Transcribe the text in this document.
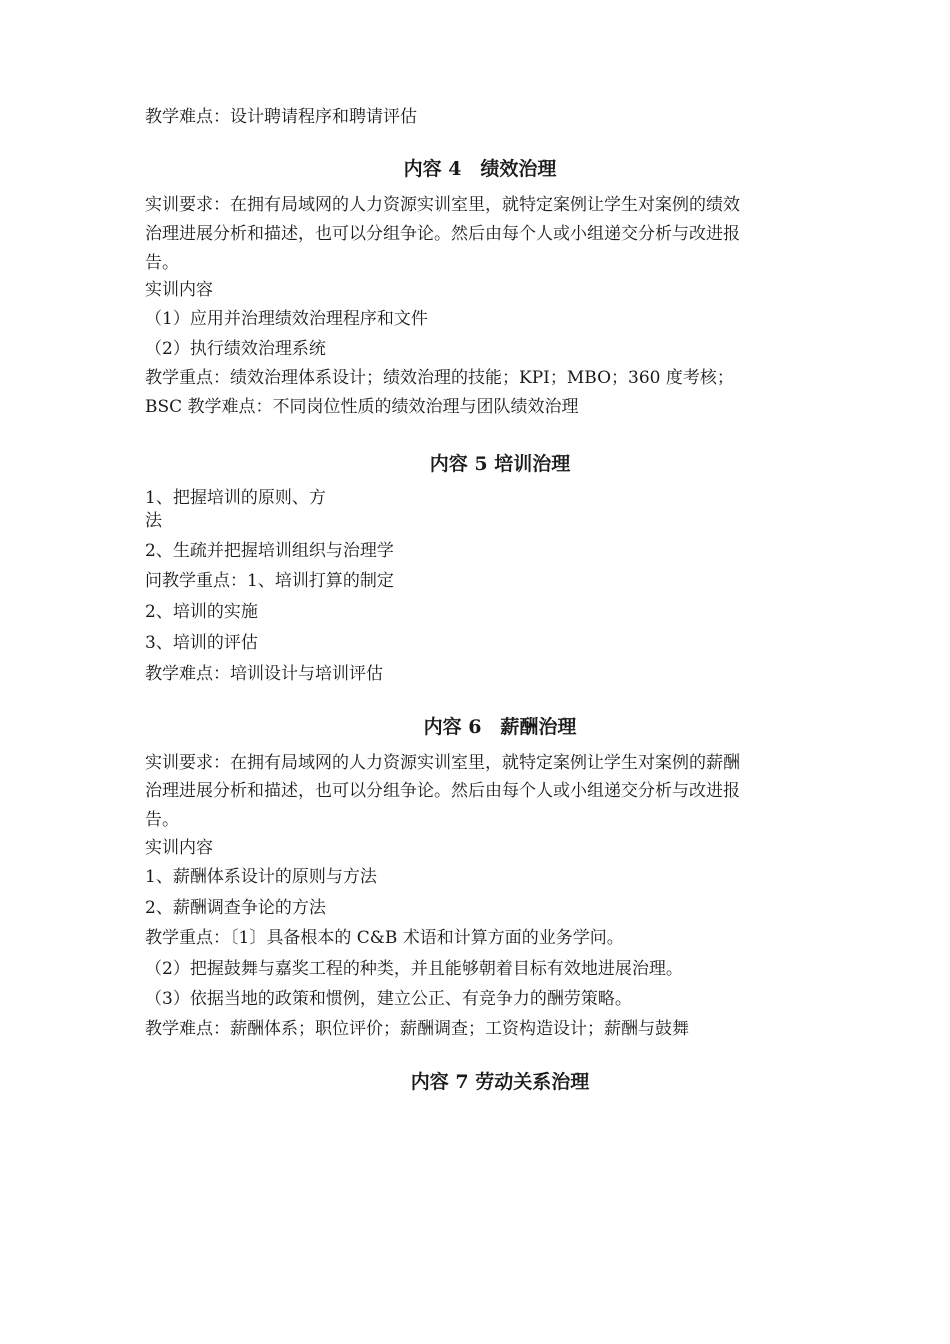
教学难点：设计聘请程序和聘请评估

内容 4　绩效治理

实训要求：在拥有局域网的人力资源实训室里，就特定案例让学生对案例的绩效

治理进展分析和描述，也可以分组争论。然后由每个人或小组递交分析与改进报

告。

实训内容

（1）应用并治理绩效治理程序和文件

（2）执行绩效治理系统

教学重点：绩效治理体系设计；绩效治理的技能；KPI；MBO；360 度考核；

BSC 教学难点：不同岗位性质的绩效治理与团队绩效治理

内容 5 培训治理

1、把握培训的原则、方

法

2、生疏并把握培训组织与治理学

问教学重点：1、培训打算的制定

2、培训的实施

3、培训的评估

教学难点：培训设计与培训评估

内容 6　薪酬治理

实训要求：在拥有局域网的人力资源实训室里，就特定案例让学生对案例的薪酬

治理进展分析和描述，也可以分组争论。然后由每个人或小组递交分析与改进报

告。

实训内容

1、薪酬体系设计的原则与方法

2、薪酬调查争论的方法

教学重点：〔1〕具备根本的 C&B 术语和计算方面的业务学问。

（2）把握鼓舞与嘉奖工程的种类，并且能够朝着目标有效地进展治理。

（3）依据当地的政策和惯例，建立公正、有竞争力的酬劳策略。

教学难点：薪酬体系；职位评价；薪酬调查；工资构造设计；薪酬与鼓舞

内容 7 劳动关系治理
